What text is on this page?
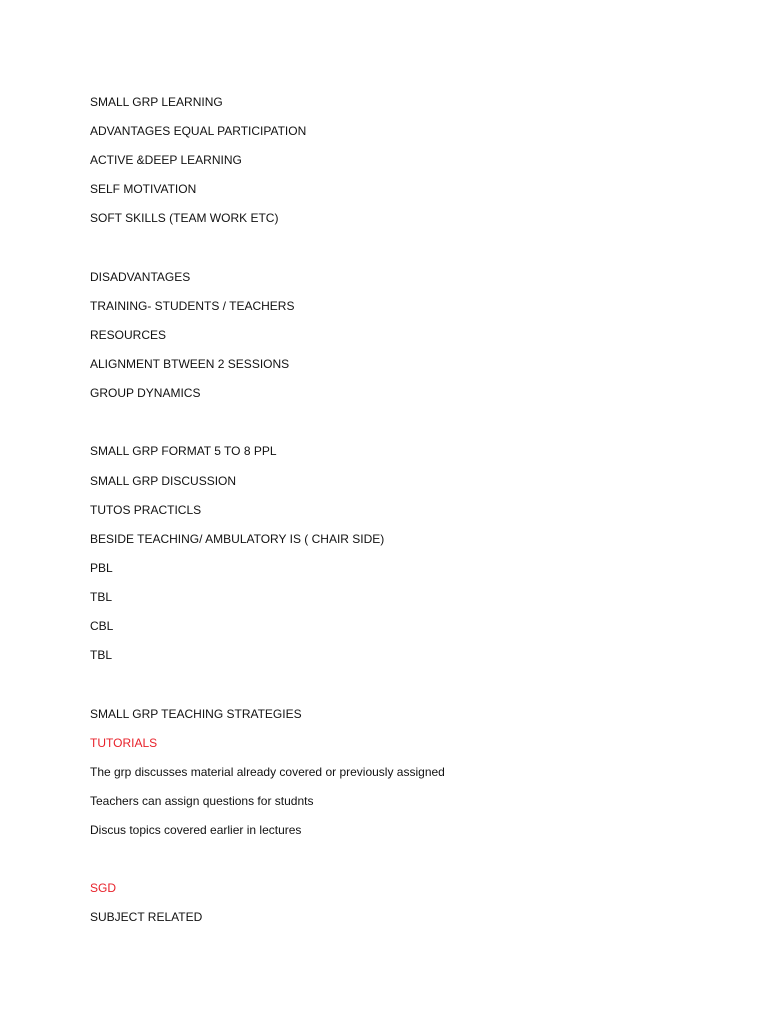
SMALL GRP LEARNING
ADVANTAGES EQUAL PARTICIPATION
ACTIVE &DEEP LEARNING
SELF MOTIVATION
SOFT SKILLS (TEAM WORK ETC)
DISADVANTAGES
TRAINING- STUDENTS / TEACHERS
RESOURCES
ALIGNMENT BTWEEN 2 SESSIONS
GROUP DYNAMICS
SMALL GRP FORMAT 5 TO 8 PPL
SMALL GRP DISCUSSION
TUTOS PRACTICLS
BESIDE TEACHING/ AMBULATORY IS ( CHAIR SIDE)
PBL
TBL
CBL
TBL
SMALL GRP TEACHING STRATEGIES
TUTORIALS
The grp discusses material already covered or previously assigned
Teachers can assign questions for studnts
Discus topics covered earlier in lectures
SGD
SUBJECT RELATED
